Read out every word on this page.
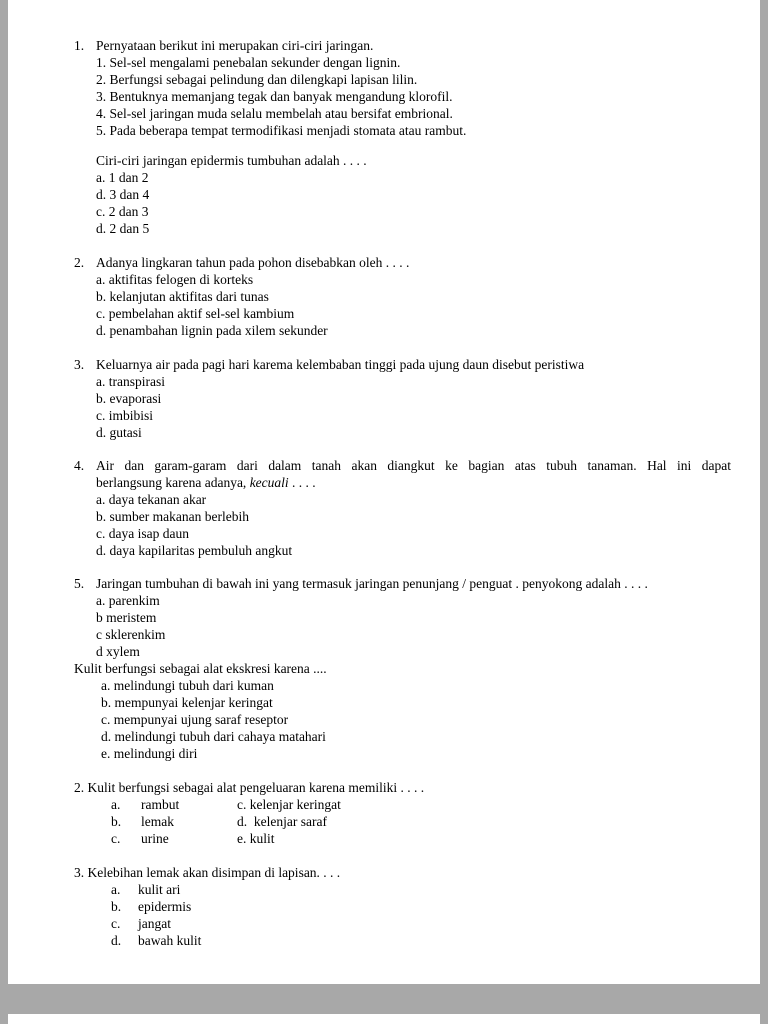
1. Pernyataan berikut ini merupakan ciri-ciri jaringan.

1. Sel-sel mengalami penebalan sekunder dengan lignin.

2. Berfungsi sebagai pelindung dan dilengkapi lapisan lilin.

3. Bentuknya memanjang tegak dan banyak mengandung klorofil.

4. Sel-sel jaringan muda selalu membelah atau bersifat embrional.

5. Pada beberapa tempat termodifikasi menjadi stomata atau rambut.

Ciri-ciri jaringan epidermis tumbuhan adalah . . . .

a. 1 dan 2

d. 3 dan 4

c. 2 dan 3

d. 2 dan 5

2. Adanya lingkaran tahun pada pohon disebabkan oleh . . . .

a. aktifitas felogen di korteks

b. kelanjutan aktifitas dari tunas

c. pembelahan aktif sel-sel kambium

d. penambahan lignin pada xilem sekunder

3. Keluarnya air pada pagi hari karema kelembaban tinggi pada ujung daun disebut peristiwa

a. transpirasi

b. evaporasi

c. imbibisi

d. gutasi

4. Air dan garam-garam dari dalam tanah akan diangkut ke bagian atas tubuh tanaman. Hal ini dapat

berlangsung karena adanya, kecuali . . . .

a. daya tekanan akar

b. sumber makanan berlebih

c. daya isap daun

d. daya kapilaritas pembuluh angkut

5. Jaringan tumbuhan di bawah ini yang termasuk jaringan penunjang / penguat . penyokong adalah . . . .

a. parenkim

b meristem

c sklerenkim

d xylem

Kulit berfungsi sebagai alat ekskresi karena ....

a. melindungi tubuh dari kuman

b. mempunyai kelenjar keringat

c. mempunyai ujung saraf reseptor

d. melindungi tubuh dari cahaya matahari

e. melindungi diri

2. Kulit berfungsi sebagai alat pengeluaran karena memiliki . . . .

a.	rambut	c. kelenjar keringat
b.	lemak	d.  kelenjar saraf
c.	urine	e. kulit

3. Kelebihan lemak akan disimpan di lapisan. . . .

a.	kulit ari
b.	epidermis
c.	jangat
d.	bawah kulit
